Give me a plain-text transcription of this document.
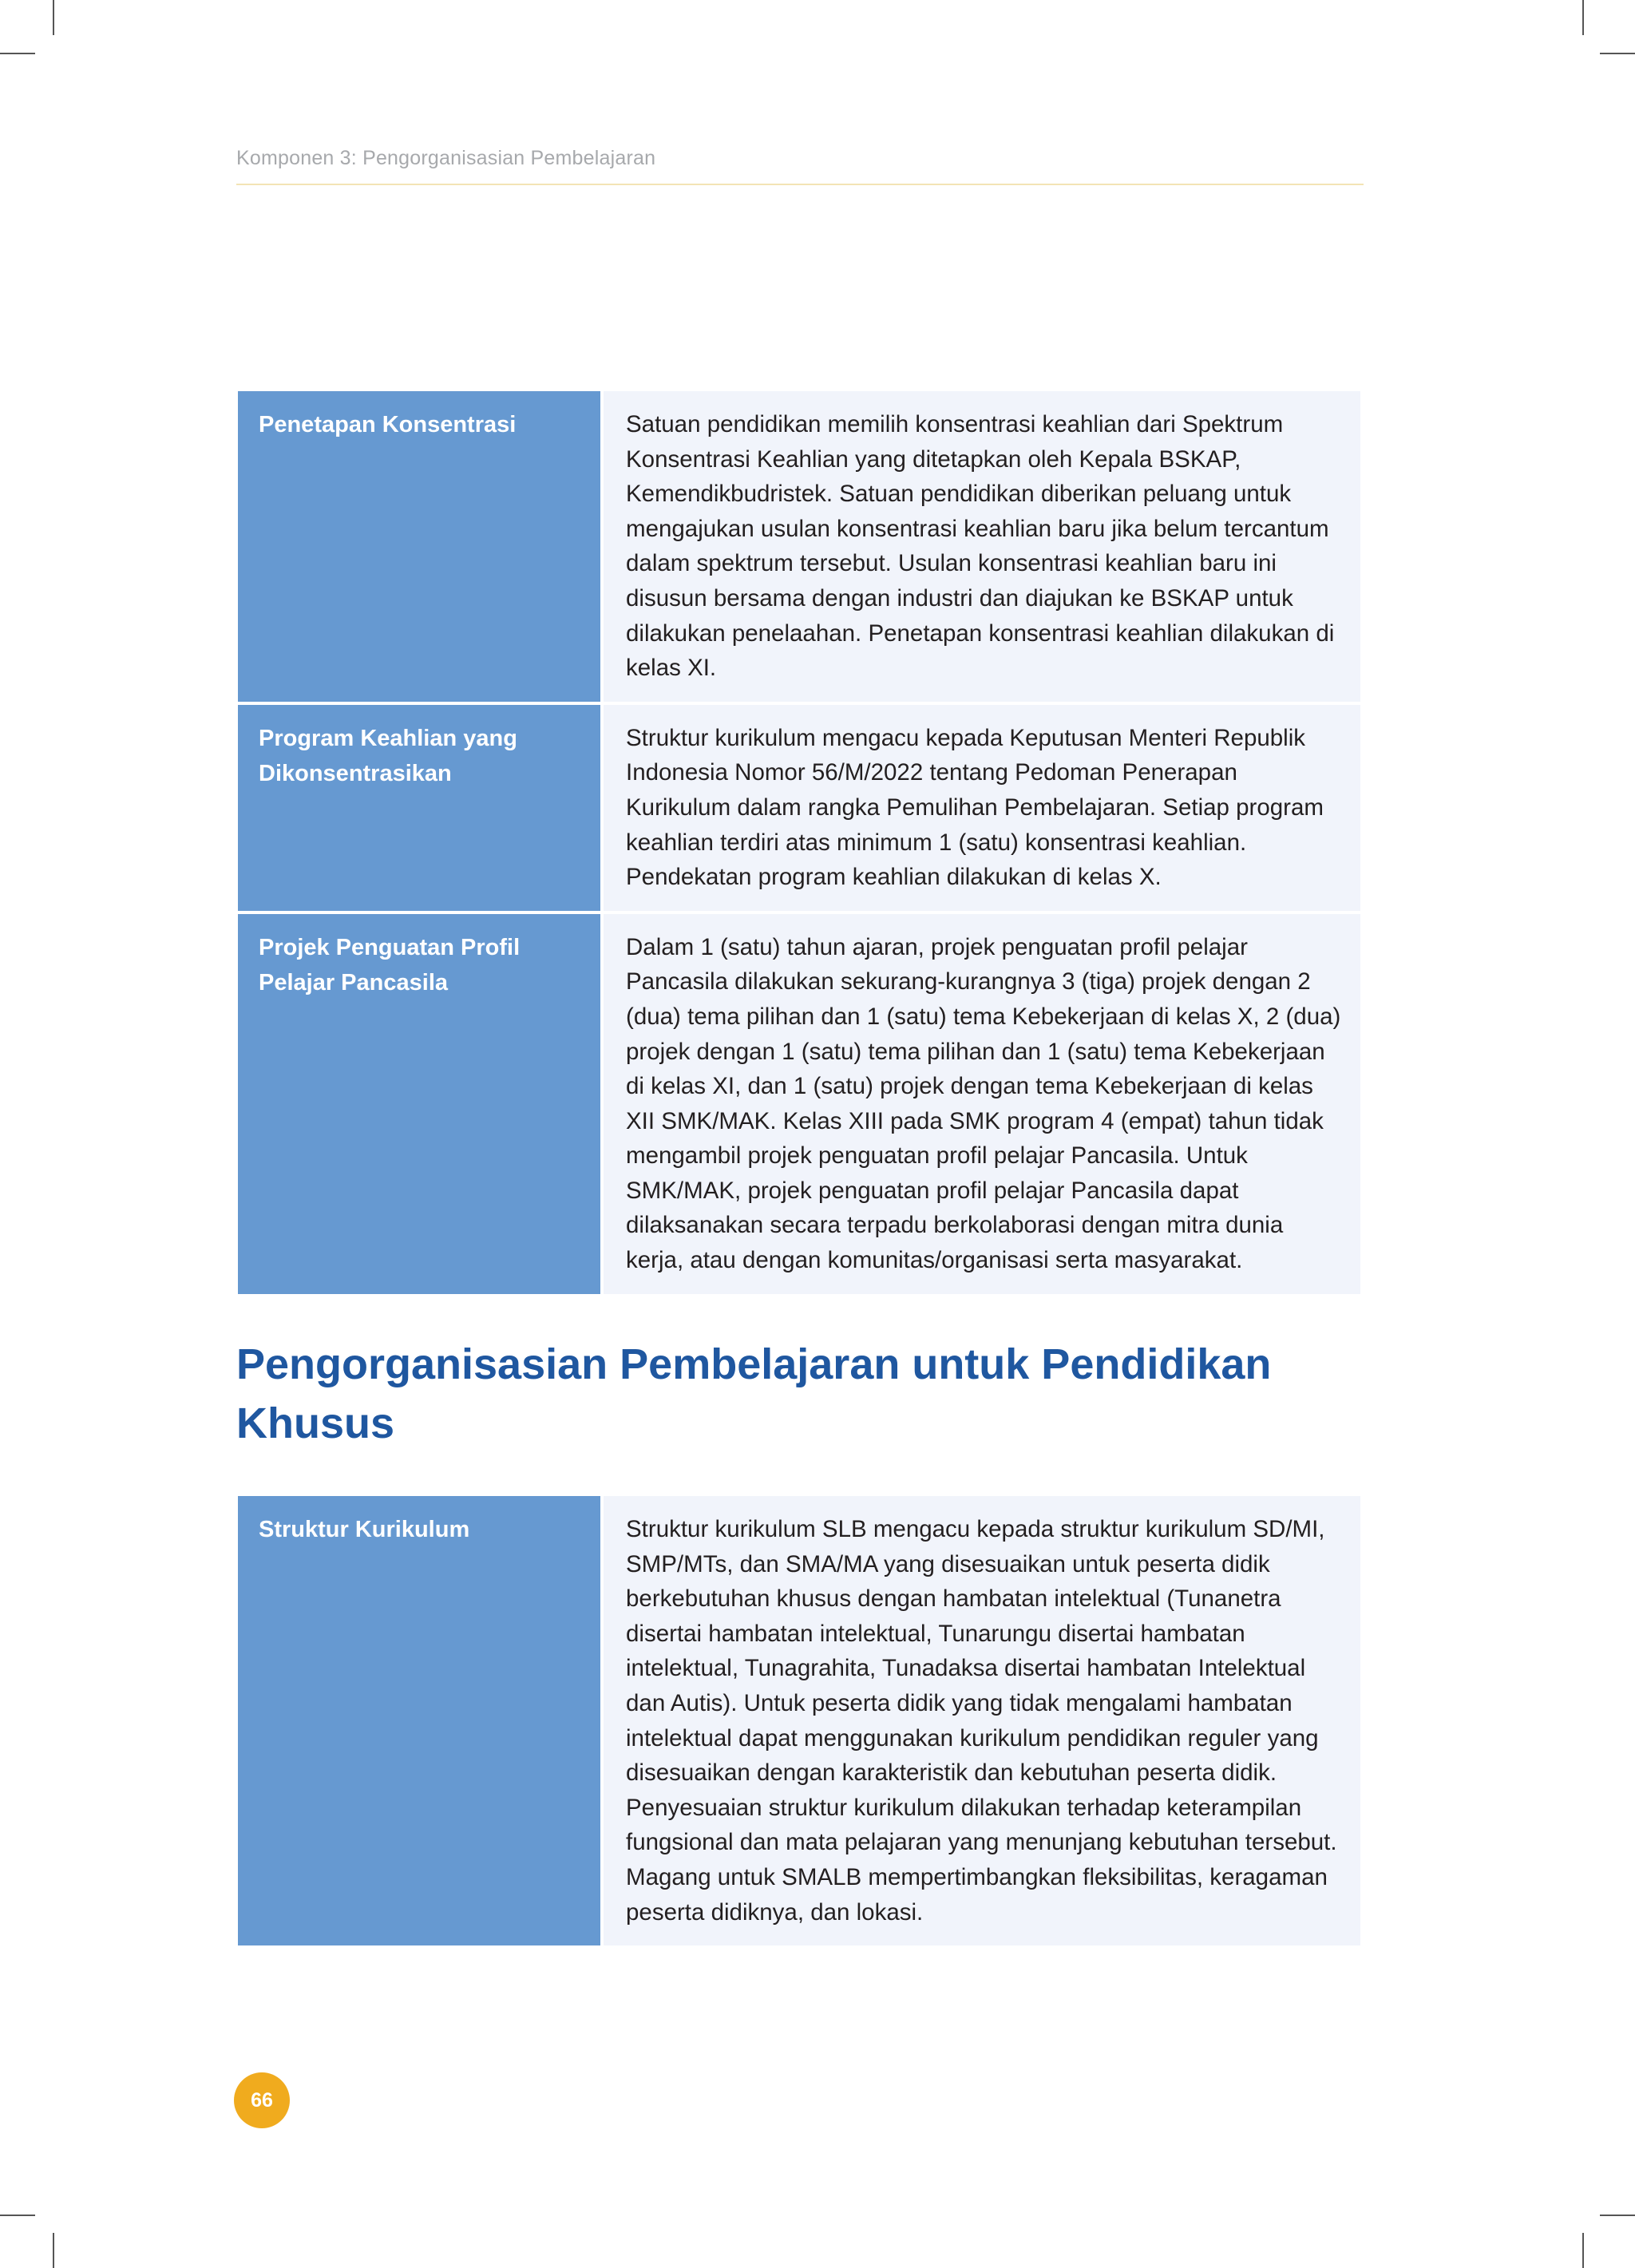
Komponen 3: Pengorganisasian Pembelajaran
Penetapan Konsentrasi	Satuan pendidikan memilih konsentrasi keahlian dari Spektrum Konsentrasi Keahlian yang ditetapkan oleh Kepala BSKAP, Kemendikbudristek. Satuan pendidikan diberikan peluang untuk mengajukan usulan konsentrasi keahlian baru jika belum tercantum dalam spektrum tersebut. Usulan konsentrasi keahlian baru ini disusun bersama dengan industri dan diajukan ke BSKAP untuk dilakukan penelaahan. Penetapan konsentrasi keahlian dilakukan di kelas XI.
Program Keahlian yang Dikonsentrasikan	Struktur kurikulum mengacu kepada Keputusan Menteri Republik Indonesia Nomor 56/M/2022 tentang Pedoman Penerapan Kurikulum dalam rangka Pemulihan Pembelajaran. Setiap program keahlian terdiri atas minimum 1 (satu) konsentrasi keahlian. Pendekatan program keahlian dilakukan di kelas X.
Projek Penguatan Profil Pelajar Pancasila	Dalam 1 (satu) tahun ajaran, projek penguatan profil pelajar Pancasila dilakukan sekurang-kurangnya 3 (tiga) projek dengan 2 (dua) tema pilihan dan 1 (satu) tema Kebekerjaan di kelas X, 2 (dua) projek dengan 1 (satu) tema pilihan dan 1 (satu) tema Kebekerjaan di kelas XI, dan 1 (satu) projek dengan tema Kebekerjaan di kelas XII SMK/MAK. Kelas XIII pada SMK program 4 (empat) tahun tidak mengambil projek penguatan profil pelajar Pancasila. Untuk SMK/MAK, projek penguatan profil pelajar Pancasila dapat dilaksanakan secara terpadu berkolaborasi dengan mitra dunia kerja, atau dengan komunitas/organisasi serta masyarakat.
Pengorganisasian Pembelajaran untuk Pendidikan Khusus
Struktur Kurikulum	Struktur kurikulum SLB mengacu kepada struktur kurikulum SD/MI, SMP/MTs, dan SMA/MA yang disesuaikan untuk peserta didik berkebutuhan khusus dengan hambatan intelektual (Tunanetra disertai hambatan intelektual, Tunarungu disertai hambatan intelektual, Tunagrahita, Tunadaksa disertai hambatan Intelektual dan Autis). Untuk peserta didik yang tidak mengalami hambatan intelektual dapat menggunakan kurikulum pendidikan reguler yang disesuaikan dengan karakteristik dan kebutuhan peserta didik. Penyesuaian struktur kurikulum dilakukan terhadap keterampilan fungsional dan mata pelajaran yang menunjang kebutuhan tersebut. Magang untuk SMALB mempertimbangkan fleksibilitas, keragaman peserta didiknya, dan lokasi.
66
